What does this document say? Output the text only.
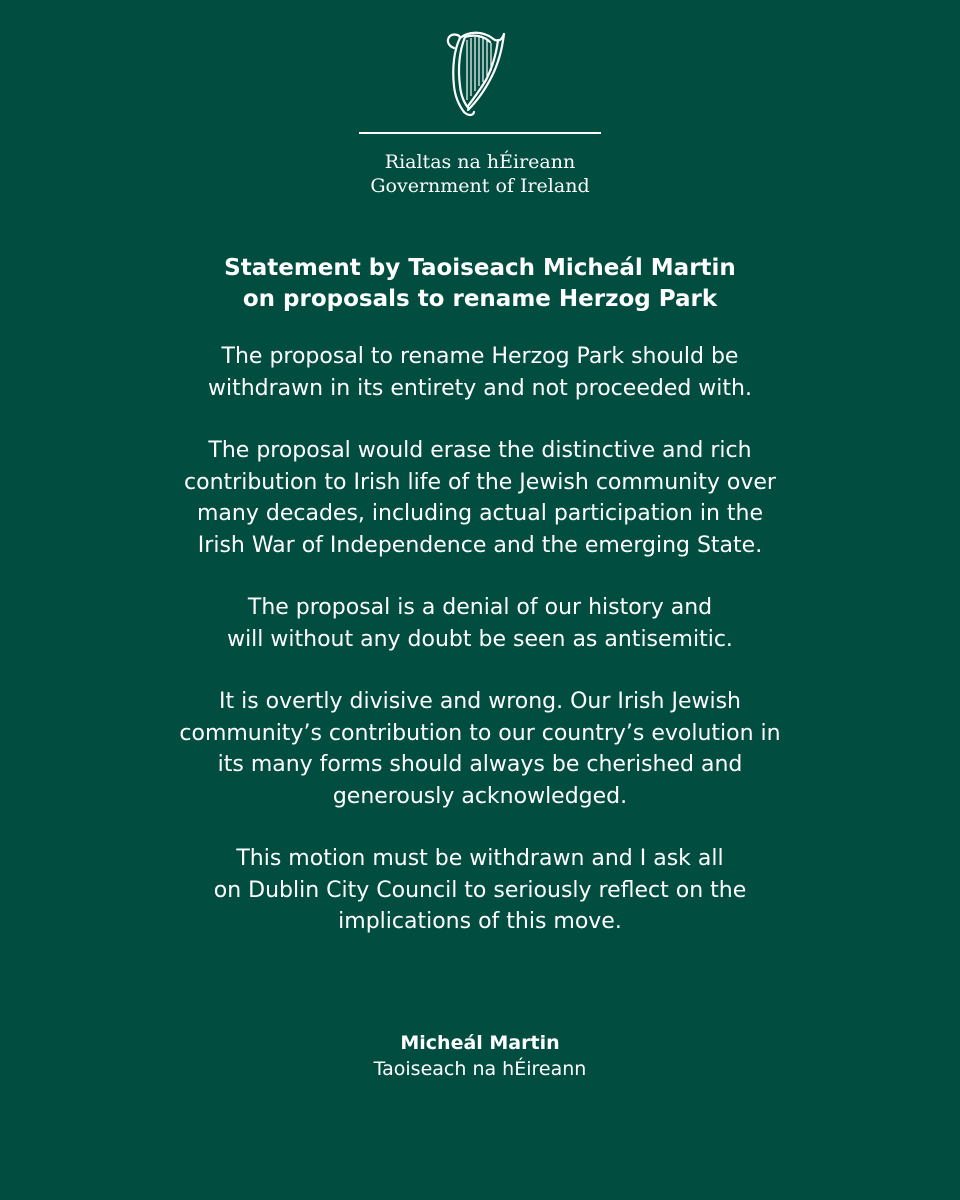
Rialtas na hÉireann
Government of Ireland
Statement by Taoiseach Micheál Martin
on proposals to rename Herzog Park

The proposal to rename Herzog Park should be
withdrawn in its entirety and not proceeded with.

The proposal would erase the distinctive and rich
contribution to Irish life of the Jewish community over
many decades, including actual participation in the
Irish War of Independence and the emerging State.

The proposal is a denial of our history and
will without any doubt be seen as antisemitic.

It is overtly divisive and wrong. Our Irish Jewish
community’s contribution to our country’s evolution in
its many forms should always be cherished and
generously acknowledged.

This motion must be withdrawn and I ask all
on Dublin City Council to seriously reflect on the
implications of this move.

Micheál Martin
Taoiseach na hÉireann
